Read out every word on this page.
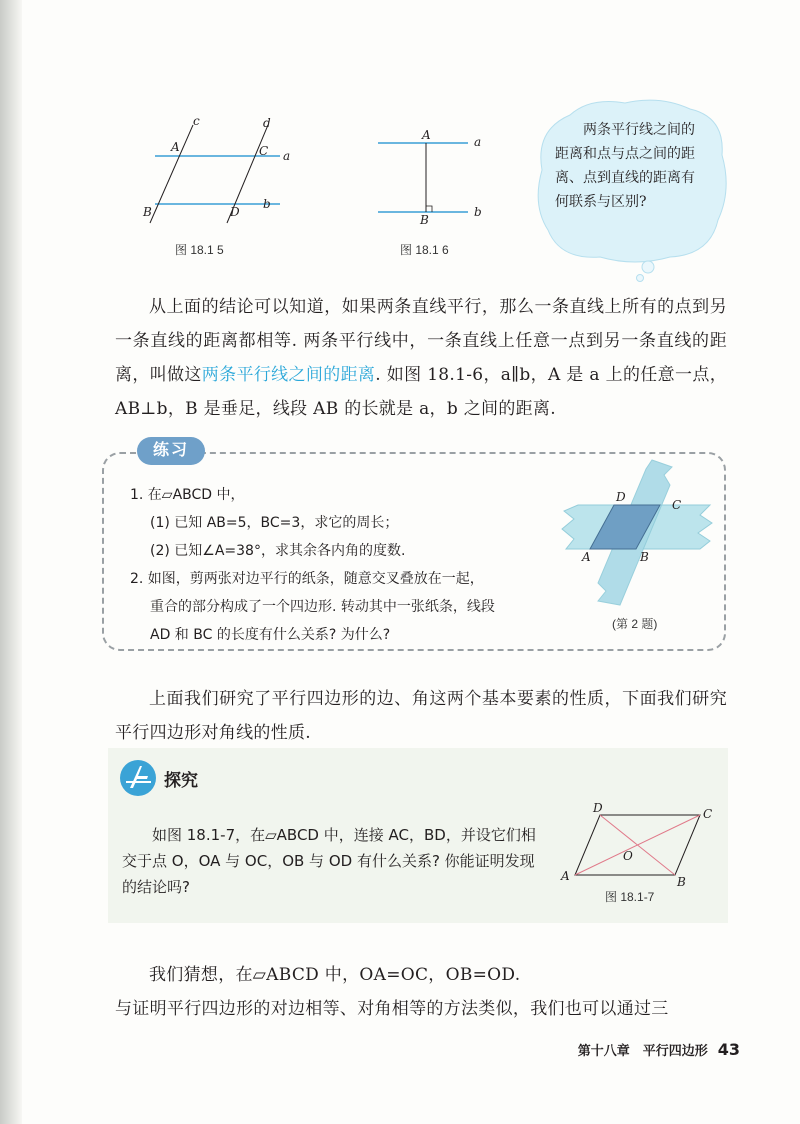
c	d
A	C a
B	D
b
图 18.1 5
A	a
B
b
图 18.1 6
两条平行线之间的距离和点与点之间的距离、点到直线的距离有何联系与区别?
从上面的结论可以知道，如果两条直线平行，那么一条直线上所有的点到另一条直线的距离都相等. 两条平行线中，一条直线上任意一点到另一条直线的距离，叫做这两条平行线之间的距离. 如图 18.1-6，a∥b，A 是 a 上的任意一点，AB⊥b，B 是垂足，线段 AB 的长就是 a，b 之间的距离.
练习
1. 在▱ABCD 中，
(1) 已知 AB=5，BC=3，求它的周长；
(2) 已知∠A=38°，求其余各内角的度数.
2. 如图，剪两张对边平行的纸条，随意交叉叠放在一起，
重合的部分构成了一个四边形. 转动其中一张纸条，线段
AD 和 BC 的长度有什么关系? 为什么?
D
C
A	B
(第 2 题)
上面我们研究了平行四边形的边、角这两个基本要素的性质，下面我们研究平行四边形对角线的性质.
探究
如图 18.1-7，在▱ABCD 中，连接 AC，BD，并设它们相交于点 O，OA 与 OC，OB 与 OD 有什么关系? 你能证明发现的结论吗?
D	C
O
A	B
图 18.1-7
我们猜想，在▱ABCD 中，OA=OC，OB=OD.
与证明平行四边形的对边相等、对角相等的方法类似，我们也可以通过三
第十八章　平行四边形 43
